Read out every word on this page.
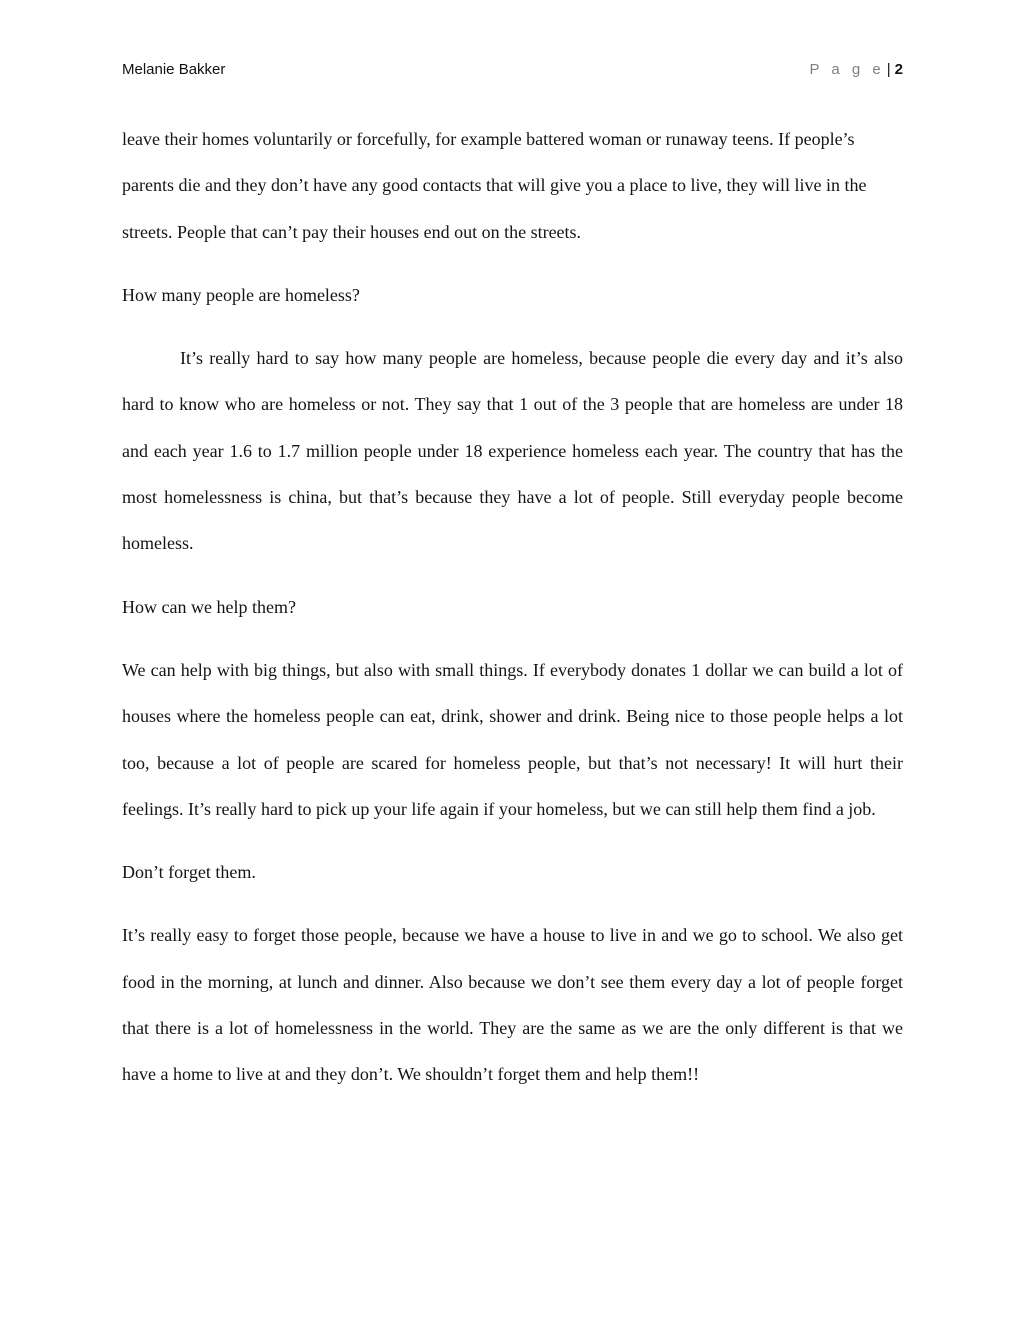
Melanie Bakker	P a g e | 2

leave their homes voluntarily or forcefully, for example battered woman or runaway teens. If people’s parents die and they don’t have any good contacts that will give you a place to live, they will live in the streets. People that can’t pay their houses end out on the streets.

How many people are homeless?

It’s really hard to say how many people are homeless, because people die every day and it’s also hard to know who are homeless or not. They say that 1 out of the 3 people that are homeless are under 18 and each year 1.6 to 1.7 million people under 18 experience homeless each year. The country that has the most homelessness is china, but that’s because they have a lot of people. Still everyday people become homeless.

How can we help them?

We can help with big things, but also with small things. If everybody donates 1 dollar we can build a lot of houses where the homeless people can eat, drink, shower and drink. Being nice to those people helps a lot too, because a lot of people are scared for homeless people, but that’s not necessary! It will hurt their feelings. It’s really hard to pick up your life again if your homeless, but we can still help them find a job.

Don’t forget them.

It’s really easy to forget those people, because we have a house to live in and we go to school. We also get food in the morning, at lunch and dinner. Also because we don’t see them every day a lot of people forget that there is a lot of homelessness in the world. They are the same as we are the only different is that we have a home to live at and they don’t. We shouldn’t forget them and help them!!
